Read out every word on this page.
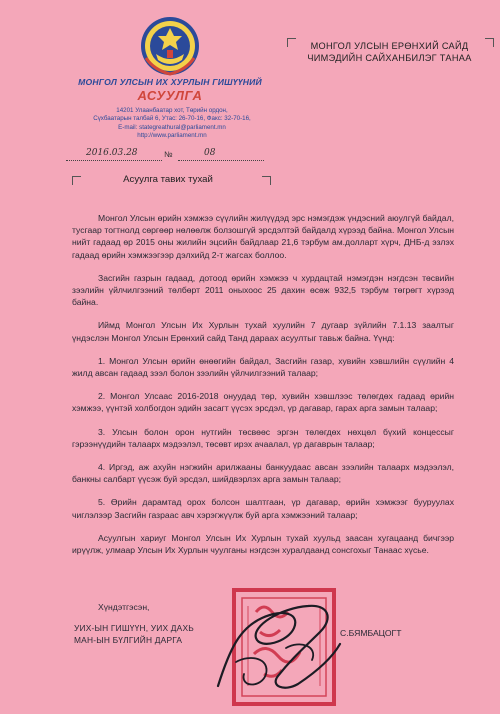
МОНГОЛ УЛСЫН ИХ ХУРЛЫН ГИШҮҮНИЙ
АСУУЛГА
14201 Улаанбаатар хот, Төрийн ордон,
Сүхбаатарын талбай 6, Утас: 26-70-16, Факс: 32-70-16,
E-mail: stategreathural@parliament.mn
http://www.parliament.mn
МОНГОЛ УЛСЫН ЕРӨНХИЙ САЙД
ЧИМЭДИЙН САЙХАНБИЛЭГ ТАНАА
2016.03.28	№	08
Асуулга тавих тухай

Монгол Улсын өрийн хэмжээ сүүлийн жилүүдэд эрс нэмэгдэж үндэсний аюулгүй байдал, тусгаар тогтнолд сөргөөр нөлөөлж болзошгүй эрсдэлтэй байдалд хүрээд байна. Монгол Улсын нийт гадаад өр 2015 оны жилийн эцсийн байдлаар 21,6 тэрбум ам.доллaрт хүрч, ДНБ-д эзлэх гадаад өрийн хэмжээгээр дэлхийд 2-т жагсах боллоо.

Засгийн газрын гадаад, дотоод өрийн хэмжээ ч хурдацтай нэмэгдэн нэгдсэн төсвийн зээлийн үйлчилгээний төлбөрт 2011 оныхоос 25 дахин өсөж 932,5 тэрбум төгрөгт хүрээд байна.

Иймд Монгол Улсын Их Хурлын тухай хуулийн 7 дугаар зүйлийн 7.1.13 заалтыг үндэслэн Монгол Улсын Ерөнхий сайд Танд дараах асуултыг тавьж байна. Үүнд:

1. Монгол Улсын өрийн өнөөгийн байдал, Засгийн газар, хувийн хэвшлийн сүүлийн 4 жилд авсан гадаад зээл болон зээлийн үйлчилгээний талаар;

2. Монгол Улсаас 2016-2018 онуудад төр, хувийн хэвшлээс төлөгдөх гадаад өрийн хэмжээ, үүнтэй холбогдон эдийн засагт үүсэх эрсдэл, үр дагавар, гарах арга замын талаар;

3. Улсын болон орон нутгийн төсвөөс эргэн төлөгдөх нөхцөл бүхий концессыг гэрээнүүдийн талаарх мэдээлэл, төсөвт ирэх ачаалал, үр дагаврын талаар;

4. Иргэд, аж ахуйн нэгжийн арилжааны банкуудаас авсан зээлийн талаарх мэдээлэл, банкны салбарт үүсэж буй эрсдэл, шийдвэрлэх арга замын талаар;

5. Өрийн дарамтад орох болсон шалтгаан, үр дагавар, өрийн хэмжээг бууруулах чиглэлээр Засгийн газраас авч хэрэгжүүлж буй арга хэмжээний талаар;

Асуулгын хариуг Монгол Улсын Их Хурлын тухай хуульд заасан хугацаанд бичгээр ирүүлж, улмаар Улсын Их Хурлын чуулганы нэгдсэн хуралдаанд сонсгохыг Танаас хүсье.

Хүндэтгэсэн,
УИХ-ЫН ГИШҮҮН, УИХ ДАХЬ
МАН-ЫН БҮЛГИЙН ДАРГА
С.БЯМБАЦОГТ
